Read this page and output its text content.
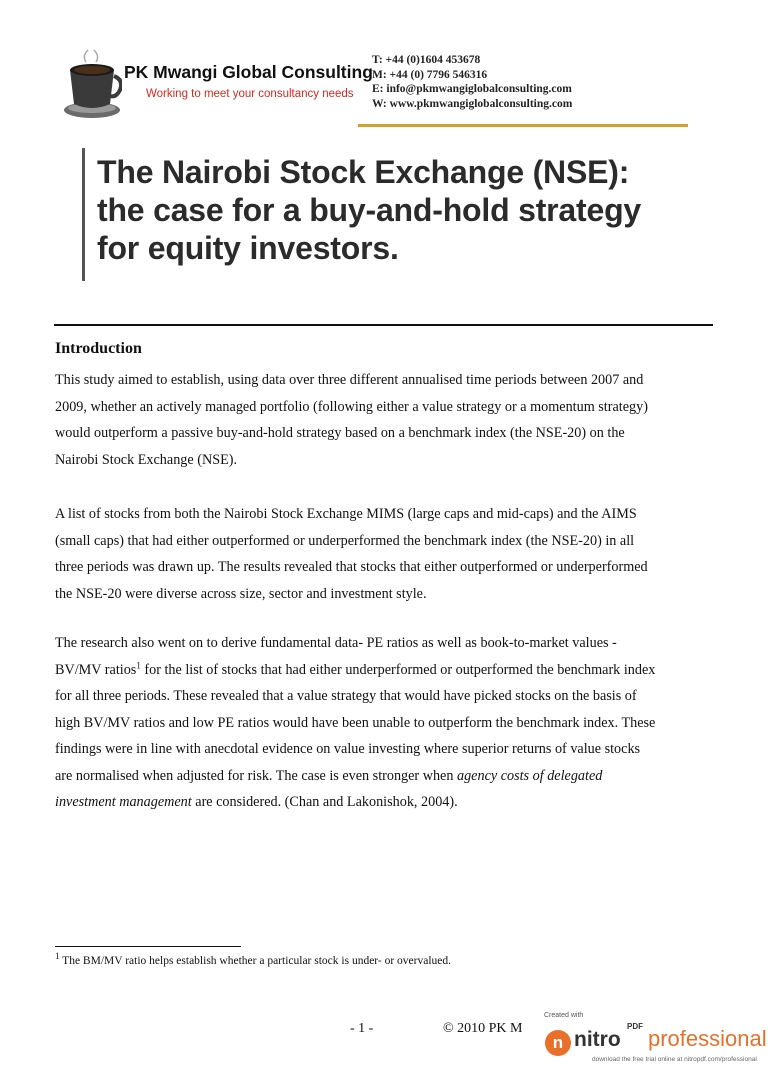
PK Mwangi Global Consulting
Working to meet your consultancy needs
T: +44 (0)1604 453678
M: +44 (0) 7796 546316
E: info@pkmwangiglobalconsulting.com
W: www.pkmwangiglobalconsulting.com
The Nairobi Stock Exchange (NSE):
the case for a buy-and-hold strategy
for equity investors.
Introduction
This study aimed to establish, using data over three different annualised time periods between 2007 and
2009, whether an actively managed portfolio (following either a value strategy or a momentum strategy)
would outperform a passive buy-and-hold strategy based on a benchmark index (the NSE-20) on the
Nairobi Stock Exchange (NSE).
A list of stocks from both the Nairobi Stock Exchange MIMS (large caps and mid-caps) and the AIMS
(small caps) that had either outperformed or underperformed the benchmark index (the NSE-20) in all
three periods was drawn up. The results revealed that stocks that either outperformed or underperformed
the NSE-20 were diverse across size, sector and investment style.
The research also went on to derive fundamental data- PE ratios as well as book-to-market values -
BV/MV ratios$^1$ for the list of stocks that had either underperformed or outperformed the benchmark index
for all three periods. These revealed that a value strategy that would have picked stocks on the basis of
high BV/MV ratios and low PE ratios would have been unable to outperform the benchmark index. These
findings were in line with anecdotal evidence on value investing where superior returns of value stocks
are normalised when adjusted for risk. The case is even stronger when agency costs of delegated
investment management are considered. (Chan and Lakonishok, 2004).
$^1$ The BM/MV ratio helps establish whether a particular stock is under- or overvalued.
- 1 -	© 2010 PK M
Created with
n nitro
PDF professional
download the free trial online at nitropdf.com/professional
